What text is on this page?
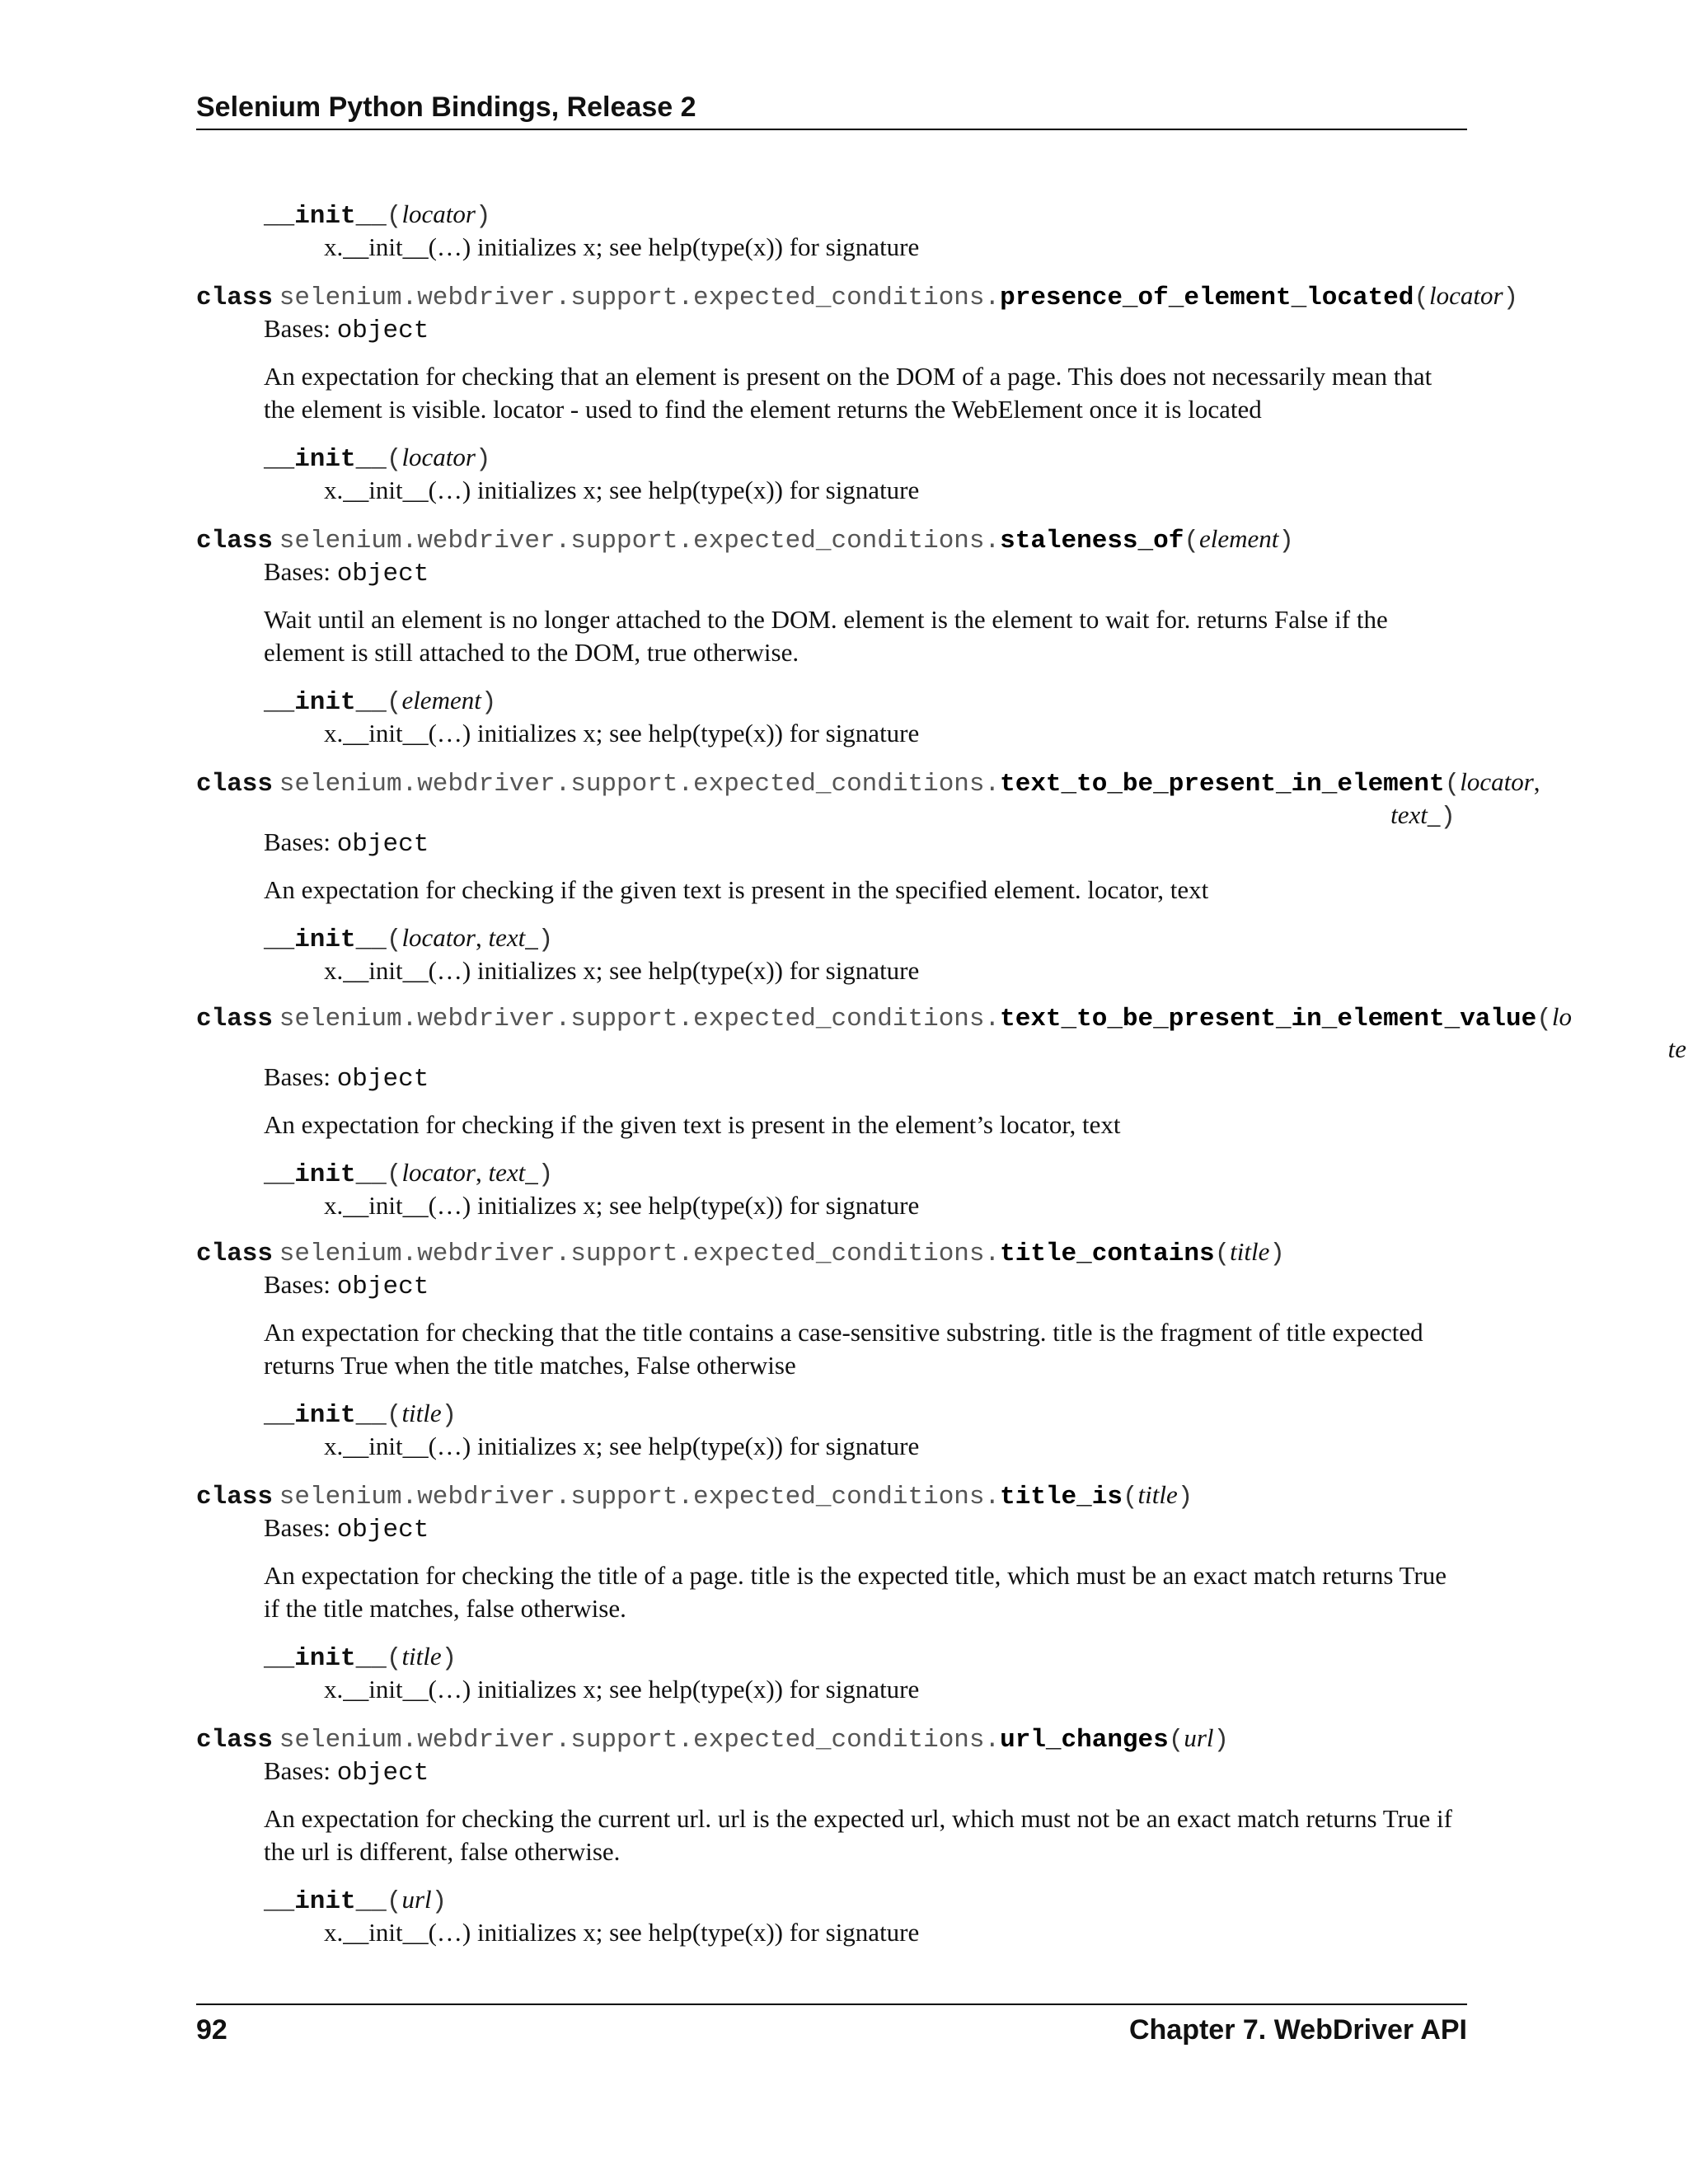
Selenium Python Bindings, Release 2
__init__(locator)
x.__init__(…) initializes x; see help(type(x)) for signature
class selenium.webdriver.support.expected_conditions.presence_of_element_located(locator)
Bases: object
An expectation for checking that an element is present on the DOM of a page. This does not necessarily mean that the element is visible. locator - used to find the element returns the WebElement once it is located
__init__(locator)
x.__init__(…) initializes x; see help(type(x)) for signature
class selenium.webdriver.support.expected_conditions.staleness_of(element)
Bases: object
Wait until an element is no longer attached to the DOM. element is the element to wait for. returns False if the element is still attached to the DOM, true otherwise.
__init__(element)
x.__init__(…) initializes x; see help(type(x)) for signature
class selenium.webdriver.support.expected_conditions.text_to_be_present_in_element(locator,
text_)
Bases: object
An expectation for checking if the given text is present in the specified element. locator, text
__init__(locator, text_)
x.__init__(…) initializes x; see help(type(x)) for signature
class selenium.webdriver.support.expected_conditions.text_to_be_present_in_element_value(lo
te
Bases: object
An expectation for checking if the given text is present in the element’s locator, text
__init__(locator, text_)
x.__init__(…) initializes x; see help(type(x)) for signature
class selenium.webdriver.support.expected_conditions.title_contains(title)
Bases: object
An expectation for checking that the title contains a case-sensitive substring. title is the fragment of title expected returns True when the title matches, False otherwise
__init__(title)
x.__init__(…) initializes x; see help(type(x)) for signature
class selenium.webdriver.support.expected_conditions.title_is(title)
Bases: object
An expectation for checking the title of a page. title is the expected title, which must be an exact match returns True if the title matches, false otherwise.
__init__(title)
x.__init__(…) initializes x; see help(type(x)) for signature
class selenium.webdriver.support.expected_conditions.url_changes(url)
Bases: object
An expectation for checking the current url. url is the expected url, which must not be an exact match returns True if the url is different, false otherwise.
__init__(url)
x.__init__(…) initializes x; see help(type(x)) for signature
92	Chapter 7. WebDriver API
